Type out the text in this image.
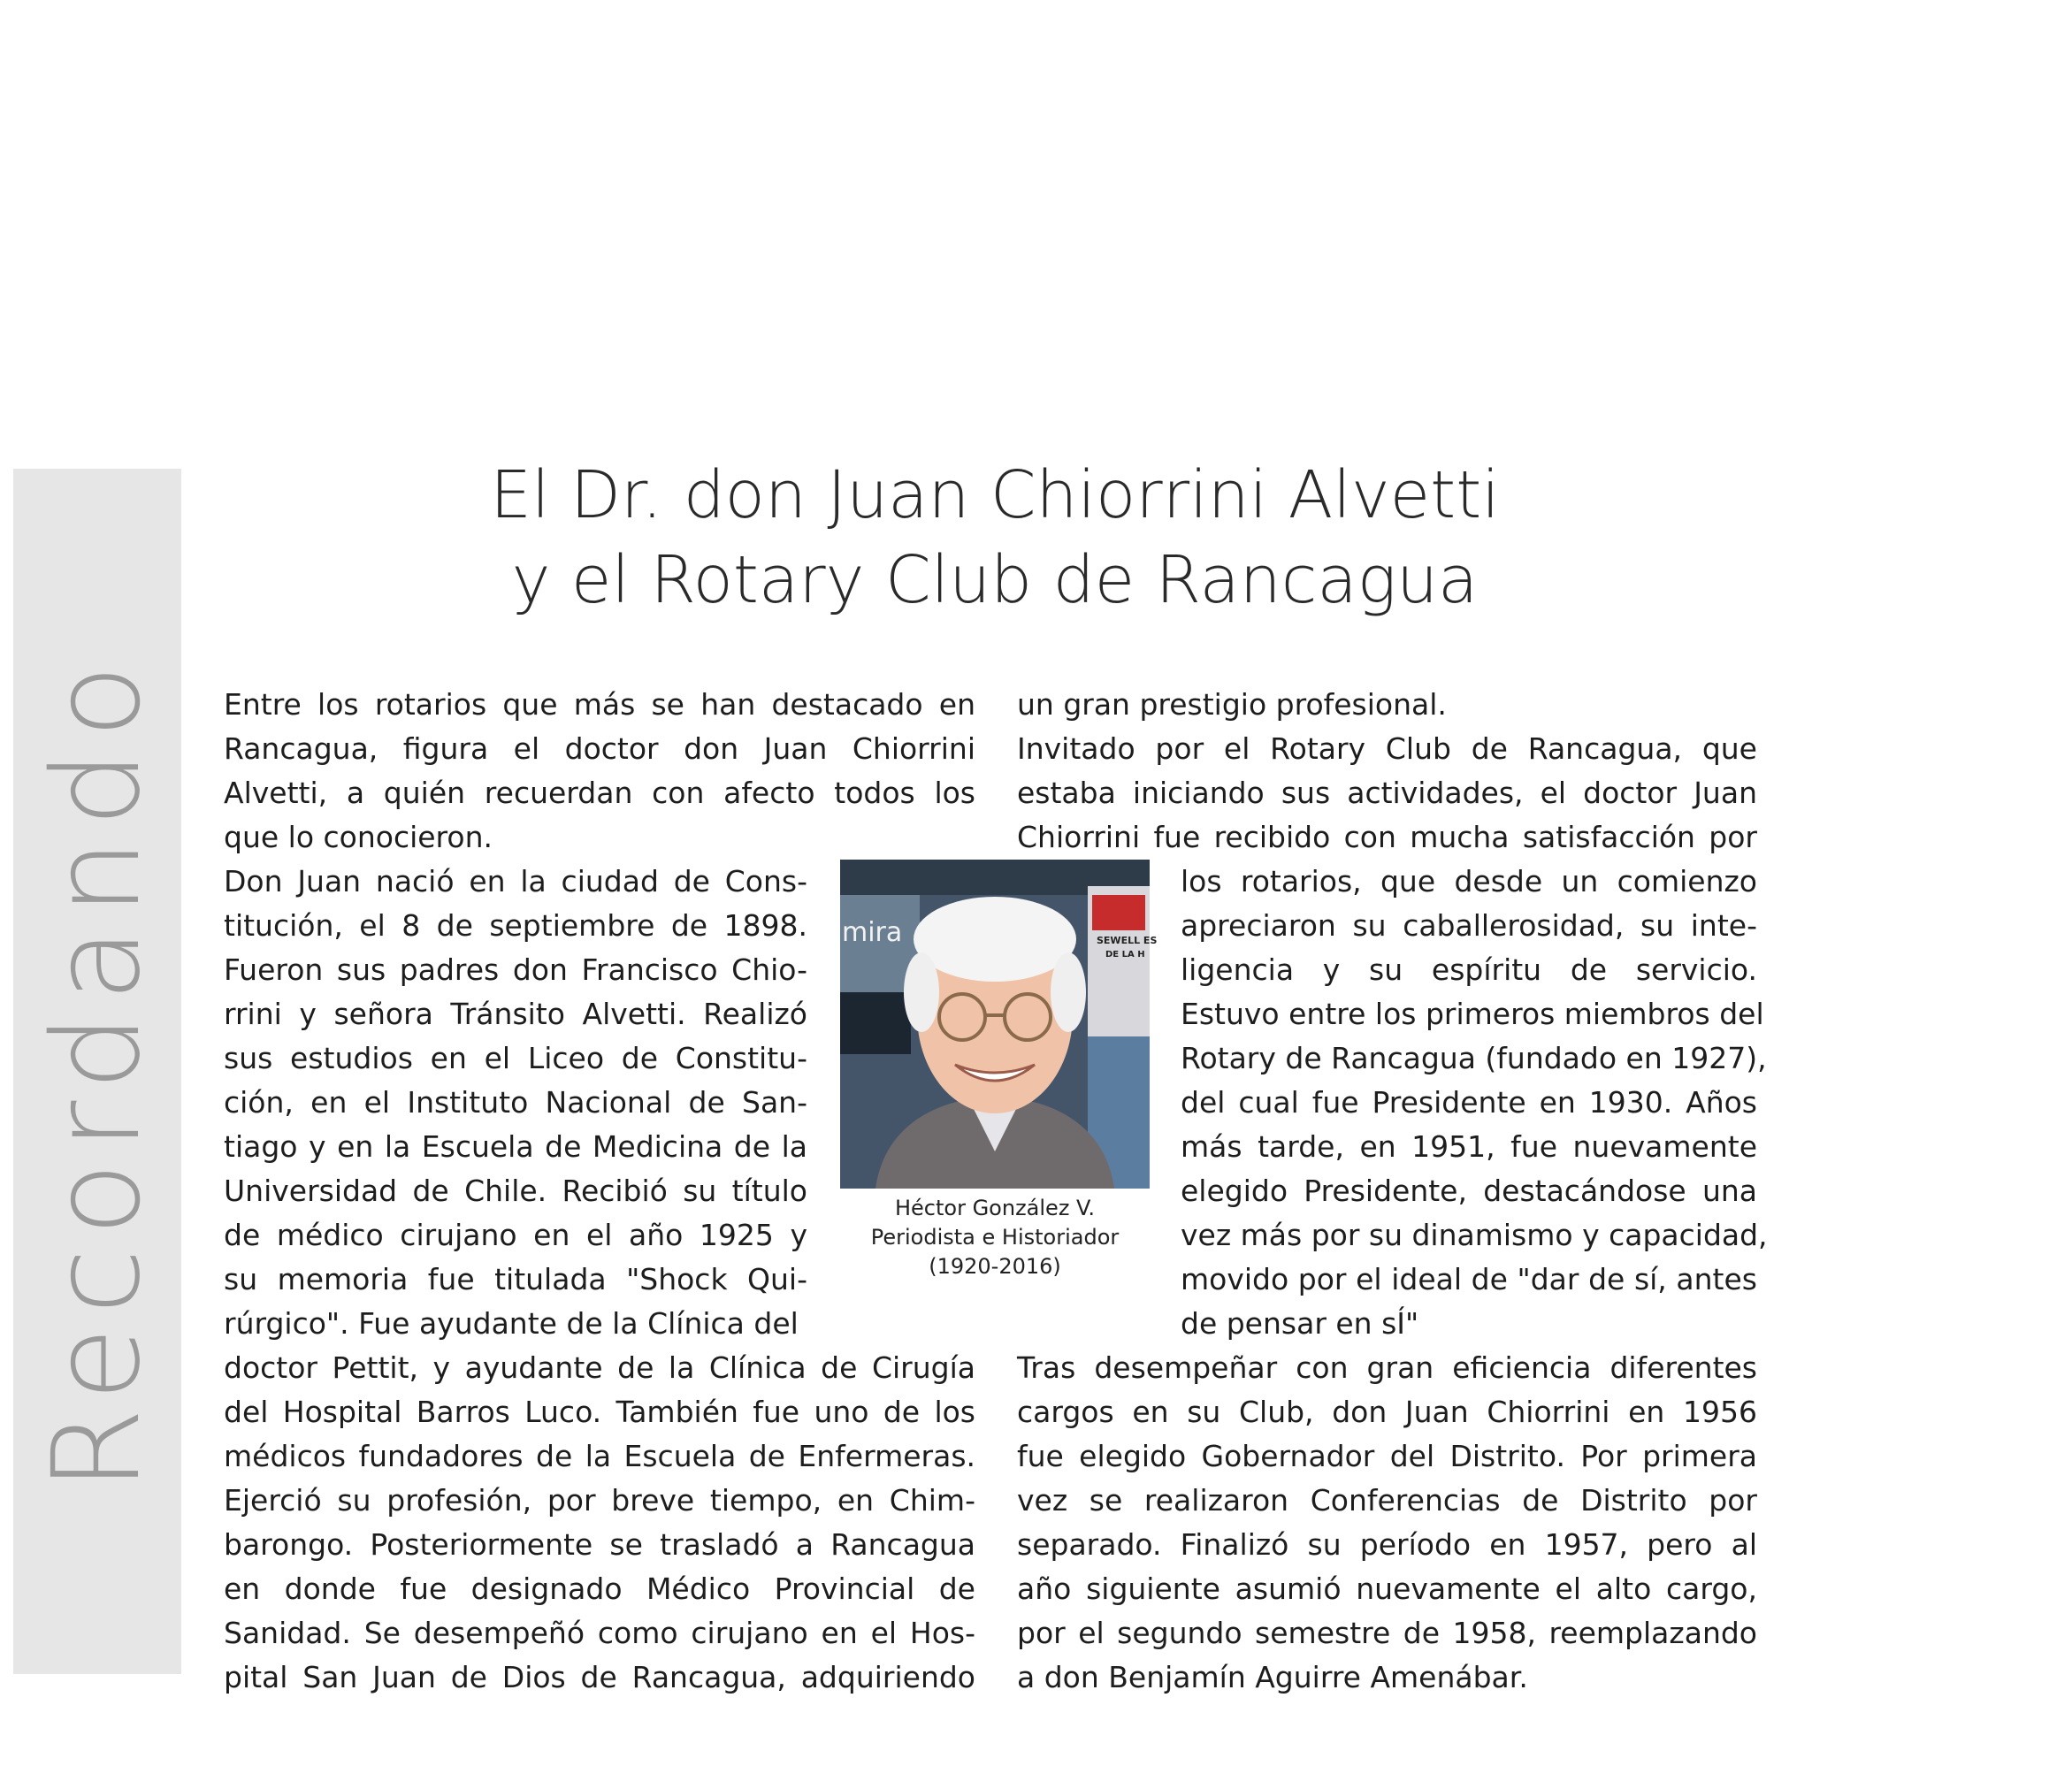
Recordando
El Dr. don Juan Chiorrini Alvetti
y el Rotary Club de Rancagua
Entre los rotarios que más se han destacado en
Rancagua, figura el doctor don Juan Chiorrini
Alvetti, a quién recuerdan con afecto todos los
que lo conocieron.
Don Juan nació en la ciudad de Cons-
titución, el 8 de septiembre de 1898.
Fueron sus padres don Francisco Chio-
rrini y señora Tránsito Alvetti. Realizó
sus estudios en el Liceo de Constitu-
ción, en el Instituto Nacional de San-
tiago y en la Escuela de Medicina de la
Universidad de Chile. Recibió su título
de médico cirujano en el año 1925 y
su memoria fue titulada "Shock Qui-
rúrgico". Fue ayudante de la Clínica del
doctor Pettit, y ayudante de la Clínica de Cirugía
del Hospital Barros Luco. También fue uno de los
médicos fundadores de la Escuela de Enfermeras.
Ejerció su profesión, por breve tiempo, en Chim-
barongo. Posteriormente se trasladó a Rancagua
en donde fue designado Médico Provincial de
Sanidad. Se desempeñó como cirujano en el Hos-
pital San Juan de Dios de Rancagua, adquiriendo
un gran prestigio profesional.
Invitado por el Rotary Club de Rancagua, que
estaba iniciando sus actividades, el doctor Juan
Chiorrini fue recibido con mucha satisfacción por
los rotarios, que desde un comienzo
apreciaron su caballerosidad, su inte-
ligencia y su espíritu de servicio.
Estuvo entre los primeros miembros del
Rotary de Rancagua (fundado en 1927),
del cual fue Presidente en 1930. Años
más tarde, en 1951, fue nuevamente
elegido Presidente, destacándose una
vez más por su dinamismo y capacidad,
movido por el ideal de "dar de sí, antes
de pensar en sÍ"
Tras desempeñar con gran eficiencia diferentes
cargos en su Club, don Juan Chiorrini en 1956
fue elegido Gobernador del Distrito. Por primera
vez se realizaron Conferencias de Distrito por
separado. Finalizó su período en 1957, pero al
año siguiente asumió nuevamente el alto cargo,
por el segundo semestre de 1958, reemplazando
a don Benjamín Aguirre Amenábar.
SEWELL ES
DE LA H
mira
Héctor González V.
Periodista e Historiador
(1920-2016)
